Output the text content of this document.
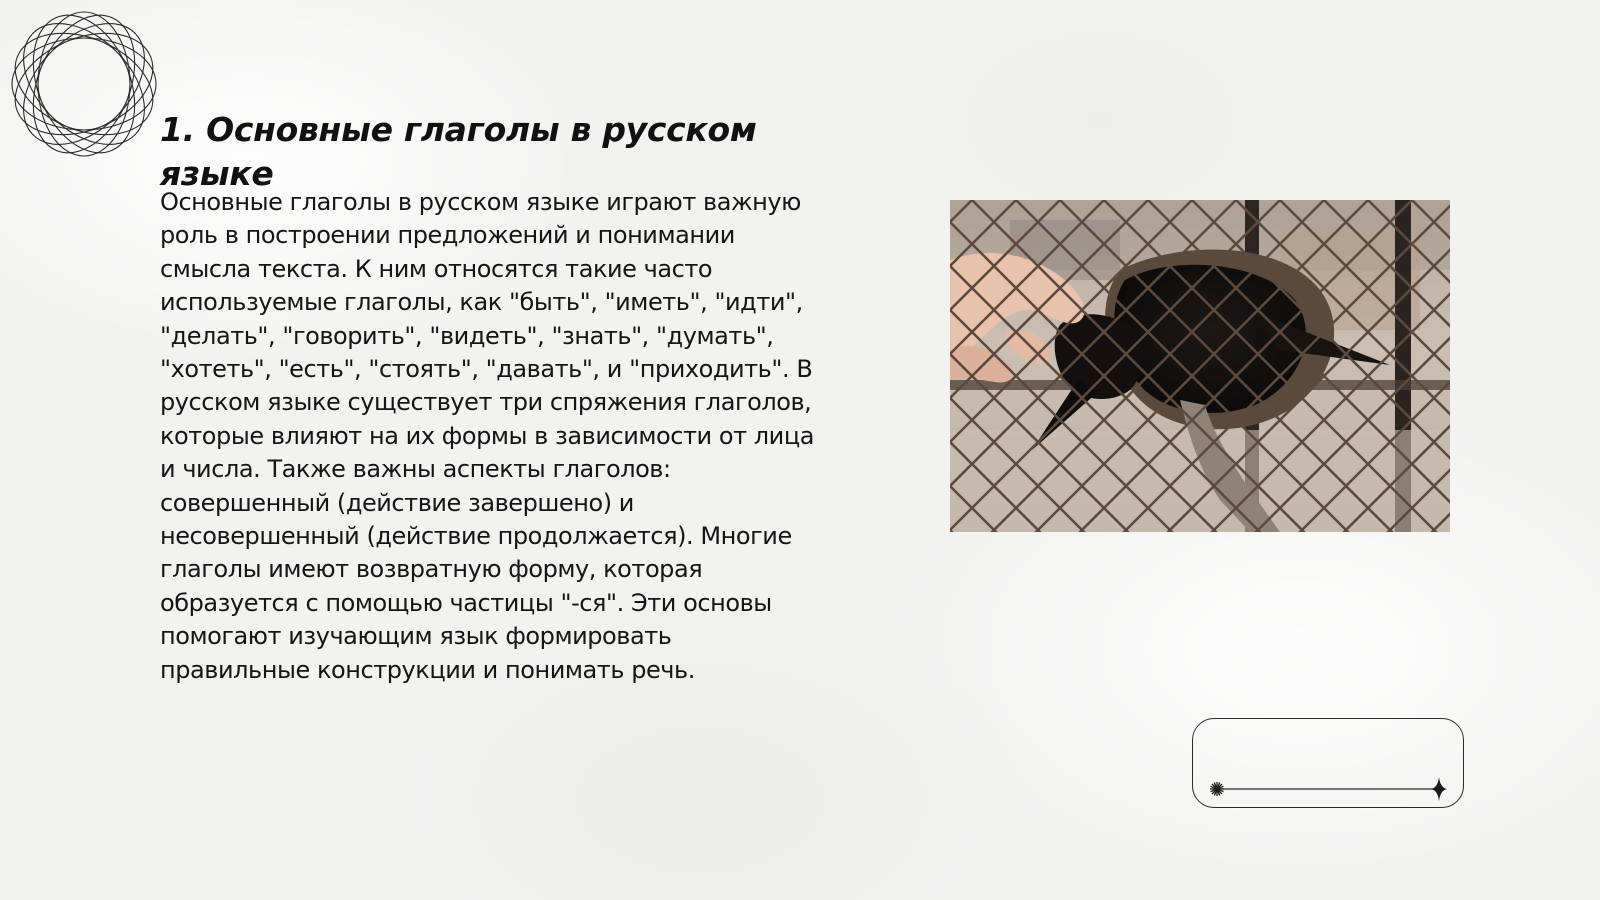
1. Основные глаголы в русском языке

Основные глаголы в русском языке играют важную роль в построении предложений и понимании смысла текста. К ним относятся такие часто используемые глаголы, как "быть", "иметь", "идти", "делать", "говорить", "видеть", "знать", "думать", "хотеть", "есть", "стоять", "давать", и "приходить". В русском языке существует три спряжения глаголов, которые влияют на их формы в зависимости от лица и числа. Также важны аспекты глаголов: совершенный (действие завершено) и несовершенный (действие продолжается). Многие глаголы имеют возвратную форму, которая образуется с помощью частицы "-ся". Эти основы помогают изучающим язык формировать правильные конструкции и понимать речь.
